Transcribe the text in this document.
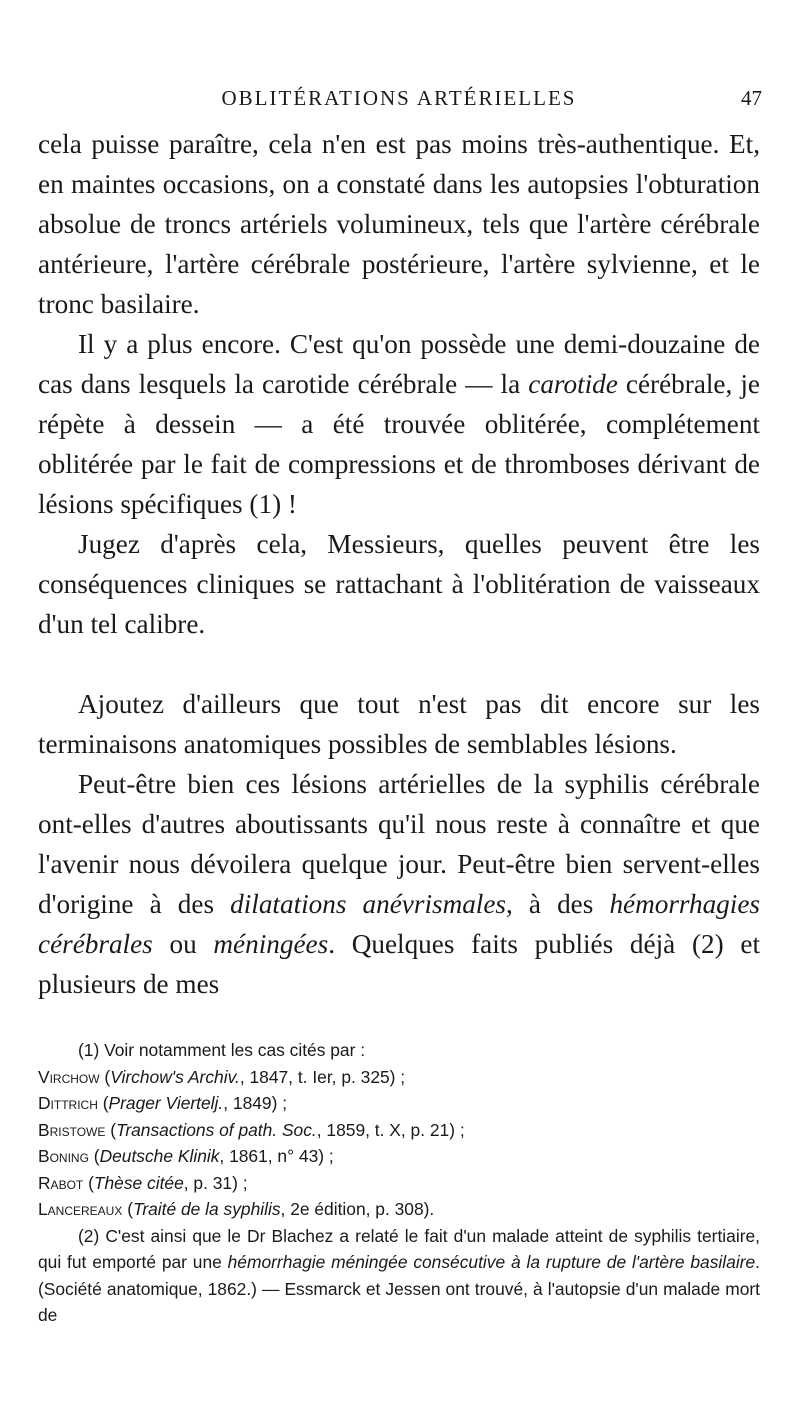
OBLITÉRATIONS ARTÉRIELLES	47

cela puisse paraître, cela n'en est pas moins très-authentique. Et, en maintes occasions, on a constaté dans les autopsies l'obturation absolue de troncs artériels volumineux, tels que l'artère cérébrale antérieure, l'artère cérébrale postérieure, l'artère sylvienne, et le tronc basilaire.

Il y a plus encore. C'est qu'on possède une demi-douzaine de cas dans lesquels la carotide cérébrale — la carotide cérébrale, je répète à dessein — a été trouvée oblitérée, complétement oblitérée par le fait de compressions et de thromboses dérivant de lésions spécifiques (1) !

Jugez d'après cela, Messieurs, quelles peuvent être les conséquences cliniques se rattachant à l'oblitération de vaisseaux d'un tel calibre.

Ajoutez d'ailleurs que tout n'est pas dit encore sur les terminaisons anatomiques possibles de semblables lésions.

Peut-être bien ces lésions artérielles de la syphilis cérébrale ont-elles d'autres aboutissants qu'il nous reste à connaître et que l'avenir nous dévoilera quelque jour. Peut-être bien servent-elles d'origine à des dilatations anévrismales, à des hémorrhagies cérébrales ou méningées. Quelques faits publiés déjà (2) et plusieurs de mes

(1) Voir notamment les cas cités par :

Virchow (Virchow's Archiv., 1847, t. Ier, p. 325) ;

Dittrich (Prager Viertelj., 1849) ;

Bristowe (Transactions of path. Soc., 1859, t. X, p. 21) ;

Boning (Deutsche Klinik, 1861, n° 43) ;

Rabot (Thèse citée, p. 31) ;

Lancereaux (Traité de la syphilis, 2e édition, p. 308).

(2) C'est ainsi que le Dr Blachez a relaté le fait d'un malade atteint de syphilis tertiaire, qui fut emporté par une hémorrhagie méningée consécutive à la rupture de l'artère basilaire. (Société anatomique, 1862.) — Essmarck et Jessen ont trouvé, à l'autopsie d'un malade mort de
